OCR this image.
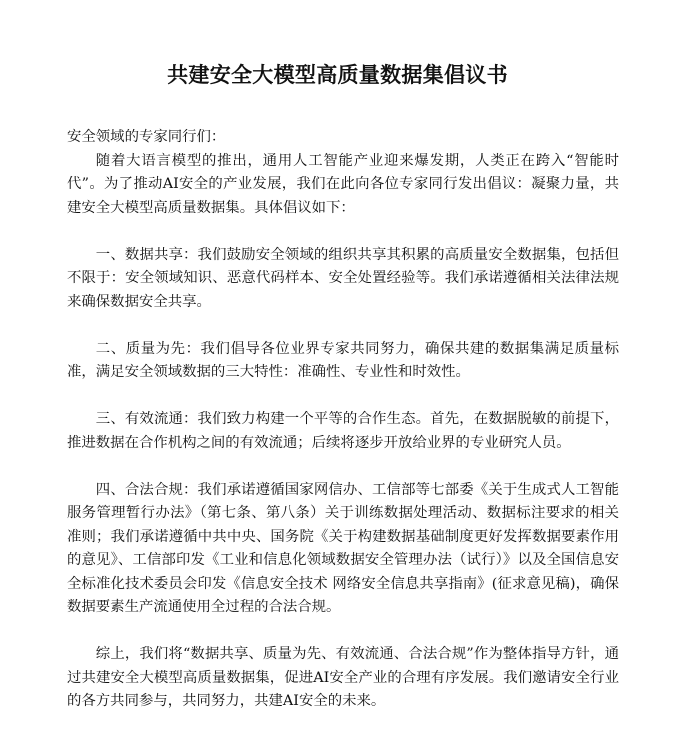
共建安全大模型高质量数据集倡议书

安全领域的专家同行们：

随着大语言模型的推出，通用人工智能产业迎来爆发期，人类正在跨入“智能时代”。为了推动AI安全的产业发展，我们在此向各位专家同行发出倡议：凝聚力量，共建安全大模型高质量数据集。具体倡议如下：

一、数据共享：我们鼓励安全领域的组织共享其积累的高质量安全数据集，包括但不限于：安全领域知识、恶意代码样本、安全处置经验等。我们承诺遵循相关法律法规来确保数据安全共享。

二、质量为先：我们倡导各位业界专家共同努力，确保共建的数据集满足质量标准，满足安全领域数据的三大特性：准确性、专业性和时效性。

三、有效流通：我们致力构建一个平等的合作生态。首先，在数据脱敏的前提下，推进数据在合作机构之间的有效流通；后续将逐步开放给业界的专业研究人员。

四、合法合规：我们承诺遵循国家网信办、工信部等七部委《关于生成式人工智能服务管理暂行办法》（第七条、第八条）关于训练数据处理活动、数据标注要求的相关准则；我们承诺遵循中共中央、国务院《关于构建数据基础制度更好发挥数据要素作用的意见》、工信部印发《工业和信息化领域数据安全管理办法（试行）》以及全国信息安全标准化技术委员会印发《信息安全技术 网络安全信息共享指南》(征求意见稿)，确保数据要素生产流通使用全过程的合法合规。

综上，我们将“数据共享、质量为先、有效流通、合法合规”作为整体指导方针，通过共建安全大模型高质量数据集，促进AI安全产业的合理有序发展。我们邀请安全行业的各方共同参与，共同努力，共建AI安全的未来。
